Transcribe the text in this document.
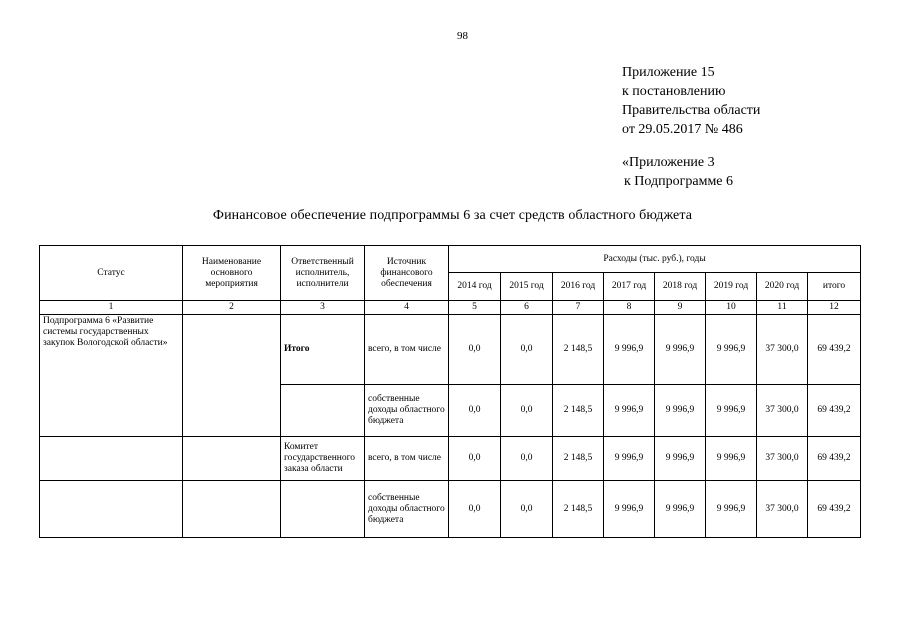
98
Приложение 15
к постановлению
Правительства области
от 29.05.2017 № 486
«Приложение 3
к Подпрограмме 6
Финансовое обеспечение подпрограммы 6 за счет средств областного бюджета
Статус	Наименование основного мероприятия	Ответственный исполнитель, исполнители	Источник финансового обеспечения	Расходы (тыс. руб.), годы							
				2014 год	2015 год	2016 год	2017 год	2018 год	2019 год	2020 год	итого
1	2	3	4	5	6	7	8	9	10	11	12
Подпрограмма 6 «Развитие системы государственных закупок Вологодской области»		Итого	всего, в том числе	0,0	0,0	2 148,5	9 996,9	9 996,9	9 996,9	37 300,0	69 439,2
			собственные доходы областного бюджета	0,0	0,0	2 148,5	9 996,9	9 996,9	9 996,9	37 300,0	69 439,2
		Комитет государственного заказа области	всего, в том числе	0,0	0,0	2 148,5	9 996,9	9 996,9	9 996,9	37 300,0	69 439,2
			собственные доходы областного бюджета	0,0	0,0	2 148,5	9 996,9	9 996,9	9 996,9	37 300,0	69 439,2
